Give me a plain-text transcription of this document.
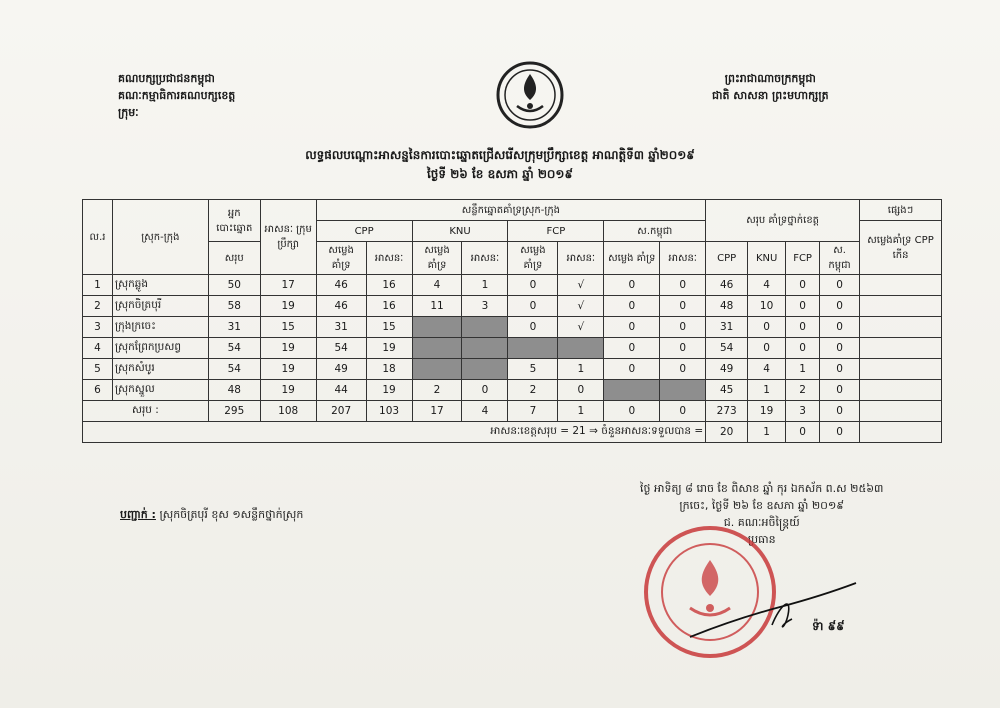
គណបក្សប្រជាជនកម្ពុជា
គណៈកម្មាធិការគណបក្សខេត្ត
ក្រុមៈ
ព្រះរាជាណាចក្រកម្ពុជា
ជាតិ សាសនា ព្រះមហាក្សត្រ
លទ្ធផលបណ្ដោះអាសន្ននៃការបោះឆ្នោតជ្រើសរើសក្រុមប្រឹក្សាខេត្ត អាណត្តិទី៣ ឆ្នាំ២០១៩
ថ្ងៃទី ២៦ ខែ ឧសភា ឆ្នាំ ២០១៩
ល.រ	ស្រុក-ក្រុង	អ្នក បោះឆ្នោត	អាសនៈ ក្រុមប្រឹក្សា	សន្លឹកឆ្នោតគាំទ្រស្រុក-ក្រុង								សរុប គាំទ្រថ្នាក់ខេត្ត				ផ្សេងៗ
				CPP		KNU		FCP		ស.កម្ពុជា						សម្លេងគាំទ្រ CPP កើន
		សរុប		សម្លេង គាំទ្រ	អាសនៈ	សម្លេង គាំទ្រ	អាសនៈ	សម្លេង គាំទ្រ	អាសនៈ	សម្លេង គាំទ្រ	អាសនៈ	CPP	KNU	FCP	ស. កម្ពុជា	
1	ស្រុកឆ្លូង	50	17	46	16	4	1	0	√	0	0	46	4	0	0	
2	ស្រុកចិត្របុរី	58	19	46	16	11	3	0	√	0	0	48	10	0	0	
3	ក្រុងក្រចេះ	31	15	31	15			0	√	0	0	31	0	0	0	
4	ស្រុកព្រែកប្រសព្វ	54	19	54	19					0	0	54	0	0	0	
5	ស្រុកសំបូរ	54	19	49	18			5	1	0	0	49	4	1	0	
6	ស្រុកស្នួល	48	19	44	19	2	0	2	0			45	1	2	0	
សរុប :		295	108	207	103	17	4	7	1	0	0	273	19	3	0	
អាសនៈខេត្តសរុប = 21 ⇒ ចំនួនអាសនៈទទួលបាន =												20	1	0	0	
បញ្ជាក់ : ស្រុកចិត្របុរី ខុស ១សន្លឹកថ្នាក់ស្រុក
ថ្ងៃ អាទិត្យ ៨ រោច ខែ ពិសាខ ឆ្នាំ កុរ ឯកស័ក ព.ស ២៥៦៣
ក្រចេះ, ថ្ងៃទី ២៦ ខែ ឧសភា ឆ្នាំ ២០១៩
ជ. គណៈអចិន្ត្រៃយ៍
ប្រធាន
ទ៉ា ៩៩
